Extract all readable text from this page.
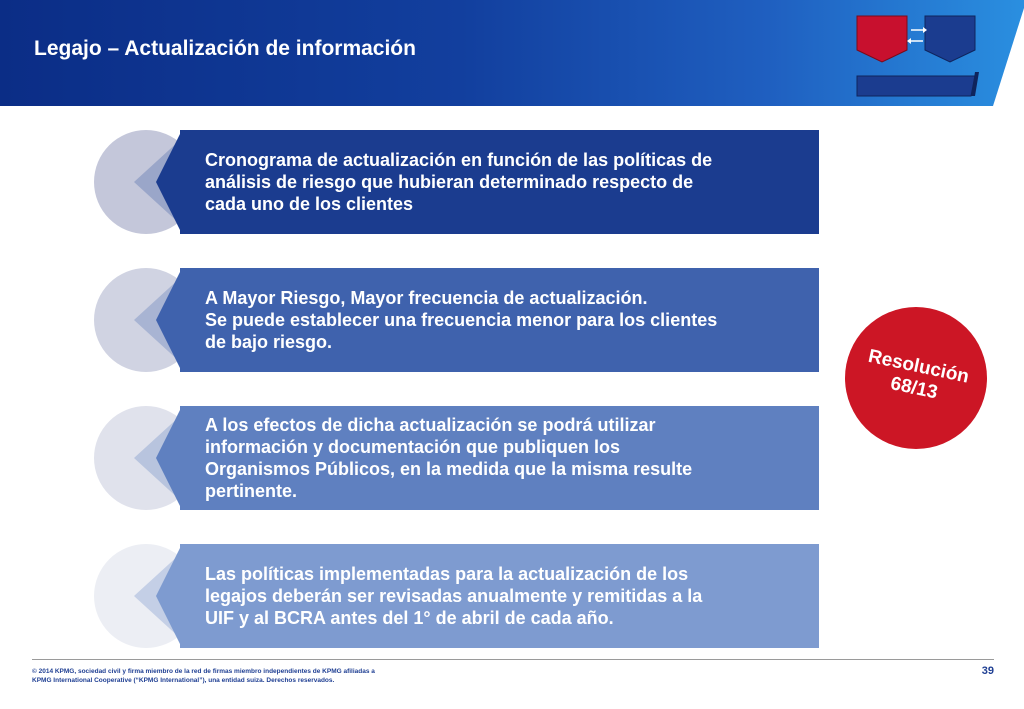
Legajo – Actualización de información

Cronograma de actualización en función de las políticas de
análisis de riesgo que hubieran determinado respecto de
cada uno de los clientes

A Mayor Riesgo, Mayor frecuencia de actualización.
Se puede establecer una frecuencia menor para los clientes
de bajo riesgo.

A los efectos de dicha actualización se podrá utilizar
información y documentación que publiquen los
Organismos Públicos, en la medida que la misma resulte
pertinente.

Las políticas implementadas para la actualización de los
legajos deberán ser revisadas anualmente y remitidas a la
UIF y al BCRA antes del 1° de abril de cada año.

Resolución
68/13

© 2014 KPMG, sociedad civil y firma miembro de la red de firmas miembro independientes de KPMG afiliadas a
KPMG International Cooperative (“KPMG International”), una entidad suiza. Derechos reservados.
39
